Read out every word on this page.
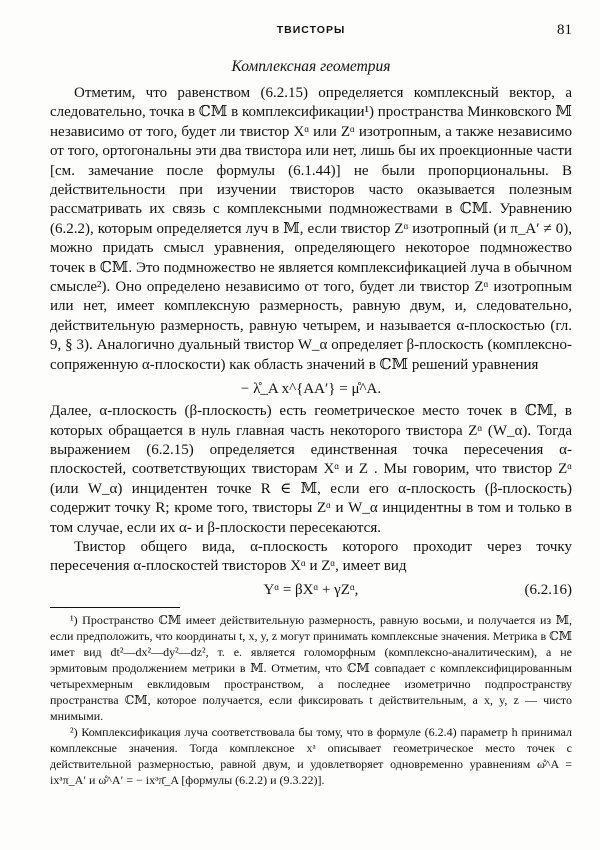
ТВИСТОРЫ	81
Комплексная геометрия

Отметим, что равенством (6.2.15) определяется комплексный вектор, а следовательно, точка в ℂ𝕄 в комплексификации¹) пространства Минковского 𝕄 независимо от того, будет ли твистор Xᵅ или Zᵅ изотропным, а также независимо от того, ортогональны эти два твистора или нет, лишь бы их проекционные части [см. замечание после формулы (6.1.44)] не были пропорциональны. В действительности при изучении твисторов часто оказывается полезным рассматривать их связь с комплексными подмножествами в ℂ𝕄. Уравнению (6.2.2), которым определяется луч в 𝕄, если твистор Zᵅ изотропный (и π_A′ ≠ 0), можно придать смысл уравнения, определяющего некоторое подмножество точек в ℂ𝕄. Это подмножество не является комплексификацией луча в обычном смысле²). Оно определено независимо от того, будет ли твистор Zᵅ изотропным или нет, имеет комплексную размерность, равную двум, и, следовательно, действительную размерность, равную четырем, и называется α-плоскостью (гл. 9, § 3). Аналогично дуальный твистор W_α определяет β-плоскость (комплексно-сопряженную α-плоскости) как область значений в ℂ𝕄 решений уравнения

− λ̊_A x^{AA′} = μ̊^A.

Далее, α-плоскость (β-плоскость) есть геометрическое место точек в ℂ𝕄, в которых обращается в нуль главная часть некоторого твистора Zᵅ (W_α). Тогда выражением (6.2.15) определяется единственная точка пересечения α-плоскостей, соответствующих твисторам Xᵅ и Z . Мы говорим, что твистор Zᵅ (или W_α) инцидентен точке R ∈ 𝕄, если его α-плоскость (β-плоскость) содержит точку R; кроме того, твисторы Zᵅ и W_α инцидентны в том и только в том случае, если их α- и β-плоскости пересекаются.

Твистор общего вида, α-плоскость которого проходит через точку пересечения α-плоскостей твисторов Xᵅ и Zᵅ, имеет вид

Yᵅ = βXᵅ + γZᵅ,	(6.2.16)

¹) Пространство ℂ𝕄 имеет действительную размерность, равную восьми, и получается из 𝕄, если предположить, что координаты t, x, y, z могут принимать комплексные значения. Метрика в ℂ𝕄 имет вид dt²—dx²—dy²—dz², т. е. является голоморфным (комплексно-аналитическим), а не эрмитовым продолжением метрики в 𝕄. Отметим, что ℂ𝕄 совпадает с комплексифицированным четырехмерным евклидовым пространством, а последнее изометрично подпространству пространства ℂ𝕄, которое получается, если фиксировать t действительным, а x, y, z — чисто мнимыми.

²) Комплексификация луча соответствовала бы тому, что в формуле (6.2.4) параметр h принимал комплексные значения. Тогда комплексное xᵃ описывает геометрическое место точек с действительной размерностью, равной двум, и удовлетворяет одновременно уравнениям ω̊^A = ixᵃπ_A′ и ω̊^A′ = − ixᵃπ̄_A [формулы (6.2.2) и (9.3.22)].
